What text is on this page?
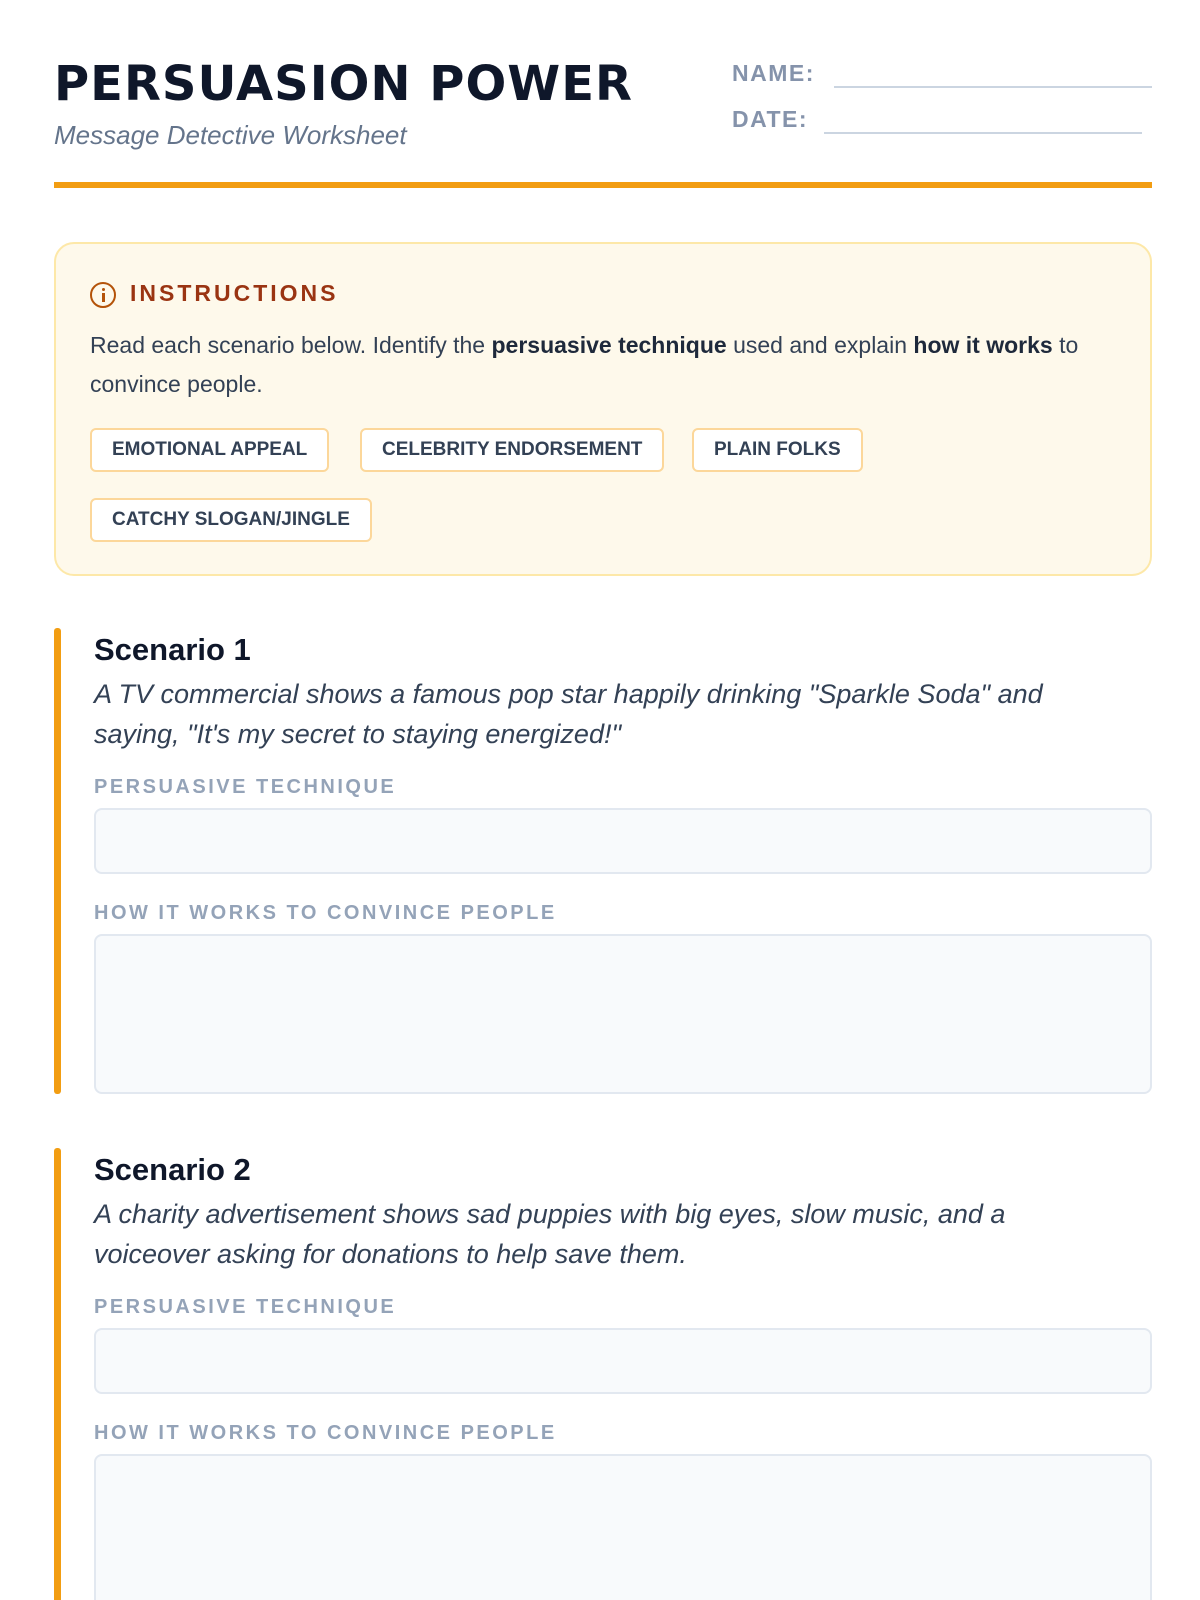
PERSUASION POWER
Message Detective Worksheet
NAME:
DATE:
INSTRUCTIONS

Read each scenario below. Identify the persuasive technique used and explain how it works to convince people.

EMOTIONAL APPEAL	CELEBRITY ENDORSEMENT	PLAIN FOLKS
CATCHY SLOGAN/JINGLE
Scenario 1
A TV commercial shows a famous pop star happily drinking "Sparkle Soda" and saying, "It's my secret to staying energized!"
PERSUASIVE TECHNIQUE
HOW IT WORKS TO CONVINCE PEOPLE
Scenario 2
A charity advertisement shows sad puppies with big eyes, slow music, and a voiceover asking for donations to help save them.
PERSUASIVE TECHNIQUE
HOW IT WORKS TO CONVINCE PEOPLE
